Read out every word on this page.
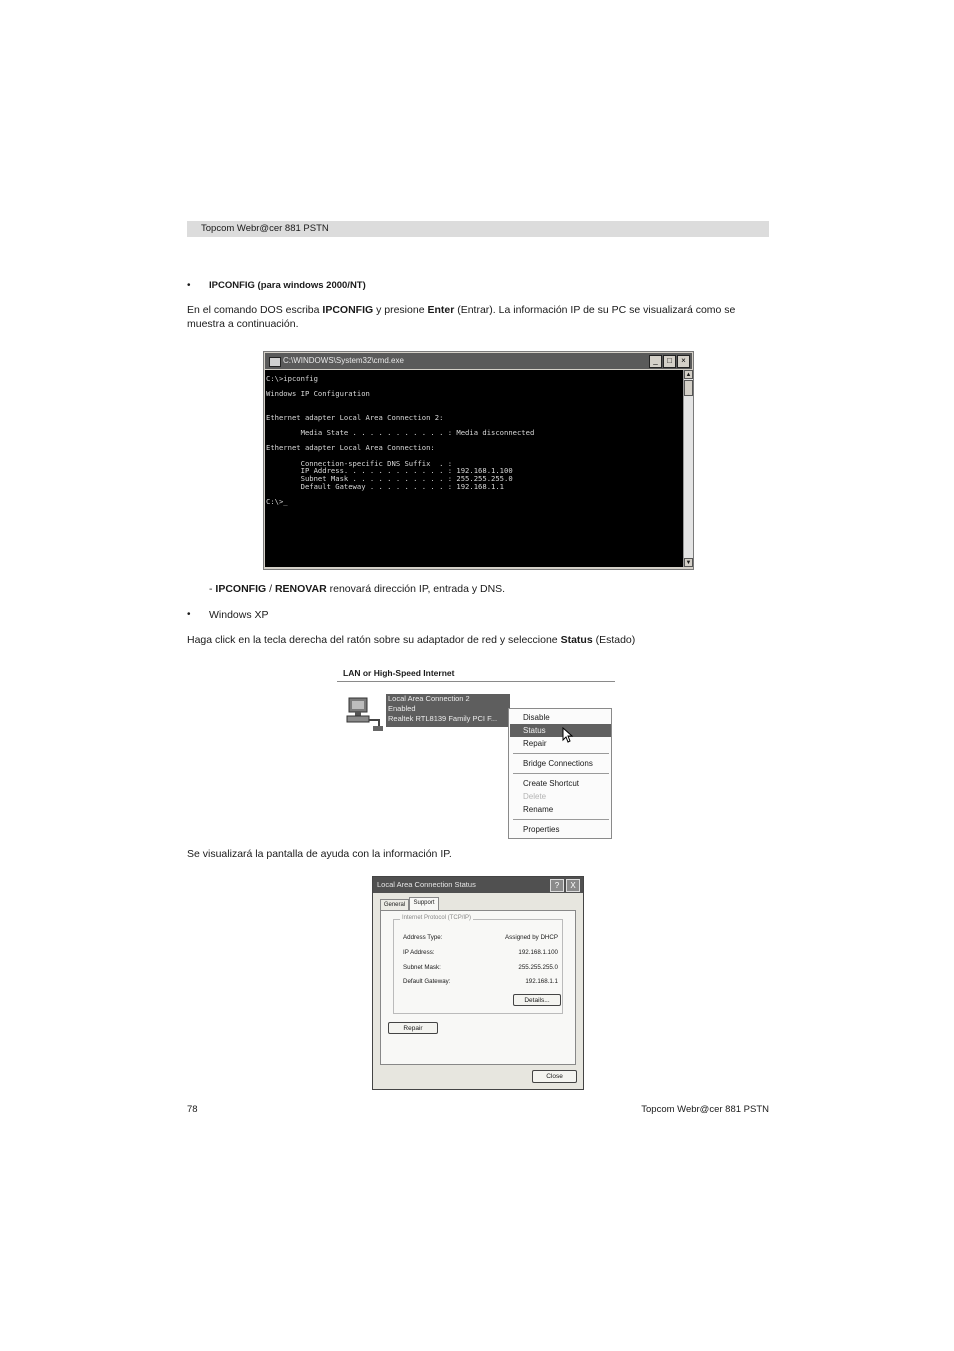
Topcom Webr@cer 881 PSTN
• IPCONFIG (para windows 2000/NT)
En el comando DOS escriba IPCONFIG y presione Enter (Entrar). La información IP de su PC se visualizará como se
muestra a continuación.
C:\WINDOWS\System32\cmd.exe	_	□	×
C:\>ipconfig

Windows IP Configuration

Ethernet adapter Local Area Connection 2:

Media State . . . . . . . . . . . : Media disconnected

Ethernet adapter Local Area Connection:

Connection-specific DNS Suffix  . :
IP Address. . . . . . . . . . . . : 192.168.1.100
Subnet Mask . . . . . . . . . . . : 255.255.255.0
Default Gateway . . . . . . . . . : 192.168.1.1

C:\>_
▲
▼
- IPCONFIG / RENOVAR renovará dirección IP, entrada y DNS.
• Windows XP
Haga click en la tecla derecha del ratón sobre su adaptador de red y seleccione Status (Estado)
LAN or High-Speed Internet
Local Area Connection 2
Enabled
Realtek RTL8139 Family PCI F...	Disable
Status
Repair
Bridge Connections
Create Shortcut
Delete
Rename
Properties
Se visualizará la pantalla de ayuda con la información IP.
Local Area Connection Status	?	X
General	Support
Internet Protocol (TCP/IP)
Address Type:	Assigned by DHCP
IP Address:	192.168.1.100
Subnet Mask:	255.255.255.0
Default Gateway:	192.168.1.1
Details...
Repair
Close
78	Topcom Webr@cer 881 PSTN
